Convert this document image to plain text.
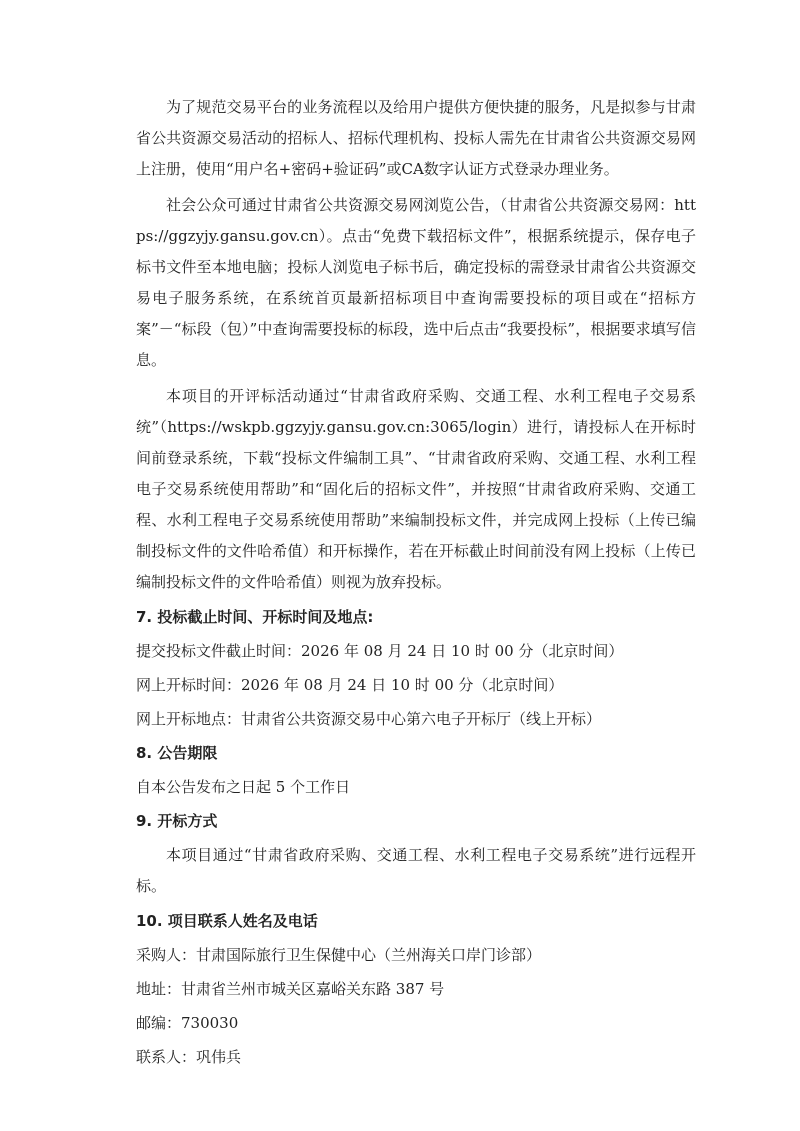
为了规范交易平台的业务流程以及给用户提供方便快捷的服务，凡是拟参与甘肃省公共资源交易活动的招标人、招标代理机构、投标人需先在甘肃省公共资源交易网上注册，使用“用户名+密码+验证码”或CA数字认证方式登录办理业务。

社会公众可通过甘肃省公共资源交易网浏览公告，（甘肃省公共资源交易网：https://ggzyjy.gansu.gov.cn）。点击“免费下载招标文件”，根据系统提示，保存电子标书文件至本地电脑；投标人浏览电子标书后，确定投标的需登录甘肃省公共资源交易电子服务系统，在系统首页最新招标项目中查询需要投标的项目或在“招标方案”－“标段（包）”中查询需要投标的标段，选中后点击“我要投标”，根据要求填写信息。

本项目的开评标活动通过“甘肃省政府采购、交通工程、水利工程电子交易系统”（https://wskpb.ggzyjy.gansu.gov.cn:3065/login）进行，请投标人在开标时间前登录系统，下载“投标文件编制工具”、“甘肃省政府采购、交通工程、水利工程电子交易系统使用帮助”和“固化后的招标文件”，并按照“甘肃省政府采购、交通工程、水利工程电子交易系统使用帮助”来编制投标文件，并完成网上投标（上传已编制投标文件的文件哈希值）和开标操作，若在开标截止时间前没有网上投标（上传已编制投标文件的文件哈希值）则视为放弃投标。

7. 投标截止时间、开标时间及地点:
提交投标文件截止时间：2026 年 08 月 24 日 10 时 00 分（北京时间）
网上开标时间：2026 年 08 月 24 日 10 时 00 分（北京时间）
网上开标地点：甘肃省公共资源交易中心第六电子开标厅（线上开标）
8. 公告期限
自本公告发布之日起 5 个工作日
9. 开标方式

本项目通过“甘肃省政府采购、交通工程、水利工程电子交易系统”进行远程开标。

10. 项目联系人姓名及电话
采购人：甘肃国际旅行卫生保健中心（兰州海关口岸门诊部）
地址：甘肃省兰州市城关区嘉峪关东路 387 号
邮编：730030
联系人：巩伟兵
